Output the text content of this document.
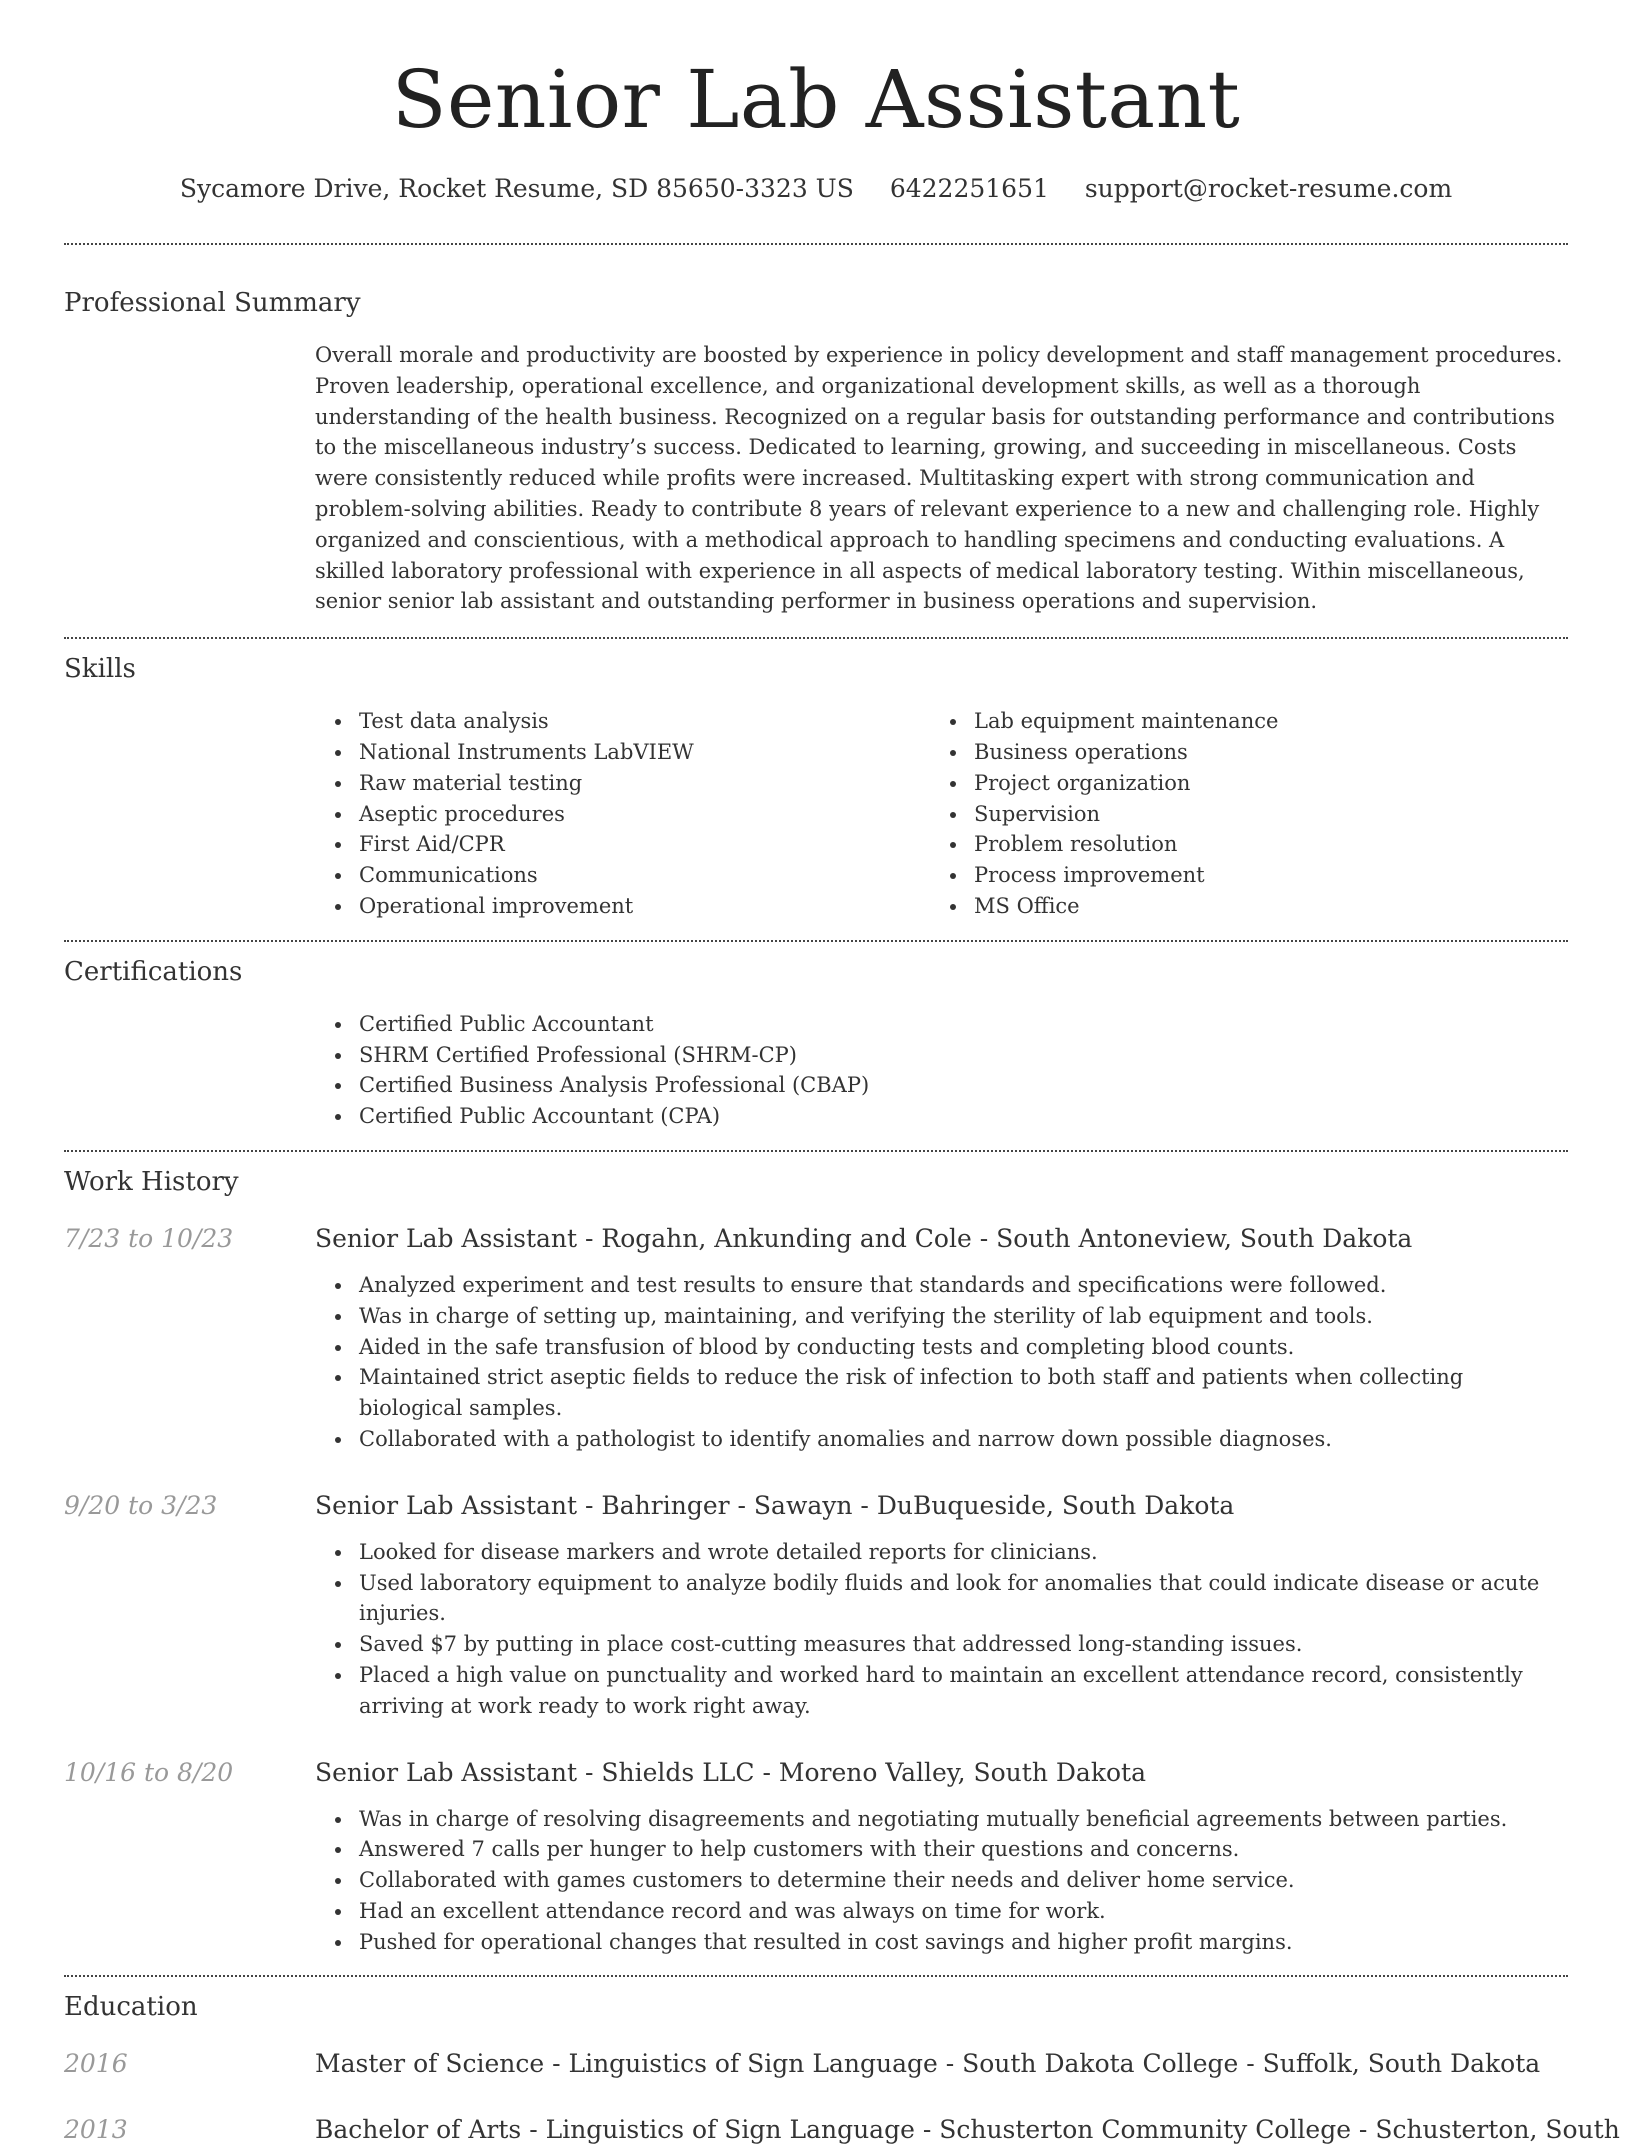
Senior Lab Assistant
Sycamore Drive, Rocket Resume, SD 85650-3323 US 6422251651 support@rocket-resume.com
Professional Summary

Overall morale and productivity are boosted by experience in policy development and staff management procedures. Proven leadership, operational excellence, and organizational development skills, as well as a thorough understanding of the health business. Recognized on a regular basis for outstanding performance and contributions to the miscellaneous industry’s success. Dedicated to learning, growing, and succeeding in miscellaneous. Costs were consistently reduced while profits were increased. Multitasking expert with strong communication and problem-solving abilities. Ready to contribute 8 years of relevant experience to a new and challenging role. Highly organized and conscientious, with a methodical approach to handling specimens and conducting evaluations. A skilled laboratory professional with experience in all aspects of medical laboratory testing. Within miscellaneous, senior senior lab assistant and outstanding performer in business operations and supervision.

Skills
Test data analysis
National Instruments LabVIEW
Raw material testing
Aseptic procedures
First Aid/CPR
Communications
Operational improvement
Lab equipment maintenance
Business operations
Project organization
Supervision
Problem resolution
Process improvement
MS Office
Certifications
Certified Public Accountant
SHRM Certified Professional (SHRM-CP)
Certified Business Analysis Professional (CBAP)
Certified Public Accountant (CPA)
Work History
7/23 to 10/23	Senior Lab Assistant - Rogahn, Ankunding and Cole - South Antoneview, South Dakota
Analyzed experiment and test results to ensure that standards and specifications were followed.
Was in charge of setting up, maintaining, and verifying the sterility of lab equipment and tools.
Aided in the safe transfusion of blood by conducting tests and completing blood counts.
Maintained strict aseptic fields to reduce the risk of infection to both staff and patients when collecting biological samples.
Collaborated with a pathologist to identify anomalies and narrow down possible diagnoses.
9/20 to 3/23	Senior Lab Assistant - Bahringer - Sawayn - DuBuqueside, South Dakota
Looked for disease markers and wrote detailed reports for clinicians.
Used laboratory equipment to analyze bodily fluids and look for anomalies that could indicate disease or acute injuries.
Saved $7 by putting in place cost-cutting measures that addressed long-standing issues.
Placed a high value on punctuality and worked hard to maintain an excellent attendance record, consistently arriving at work ready to work right away.
10/16 to 8/20	Senior Lab Assistant - Shields LLC - Moreno Valley, South Dakota
Was in charge of resolving disagreements and negotiating mutually beneficial agreements between parties.
Answered 7 calls per hunger to help customers with their questions and concerns.
Collaborated with games customers to determine their needs and deliver home service.
Had an excellent attendance record and was always on time for work.
Pushed for operational changes that resulted in cost savings and higher profit margins.
Education
2016	Master of Science - Linguistics of Sign Language - South Dakota College - Suffolk, South Dakota
2013	Bachelor of Arts - Linguistics of Sign Language - Schusterton Community College - Schusterton, South
